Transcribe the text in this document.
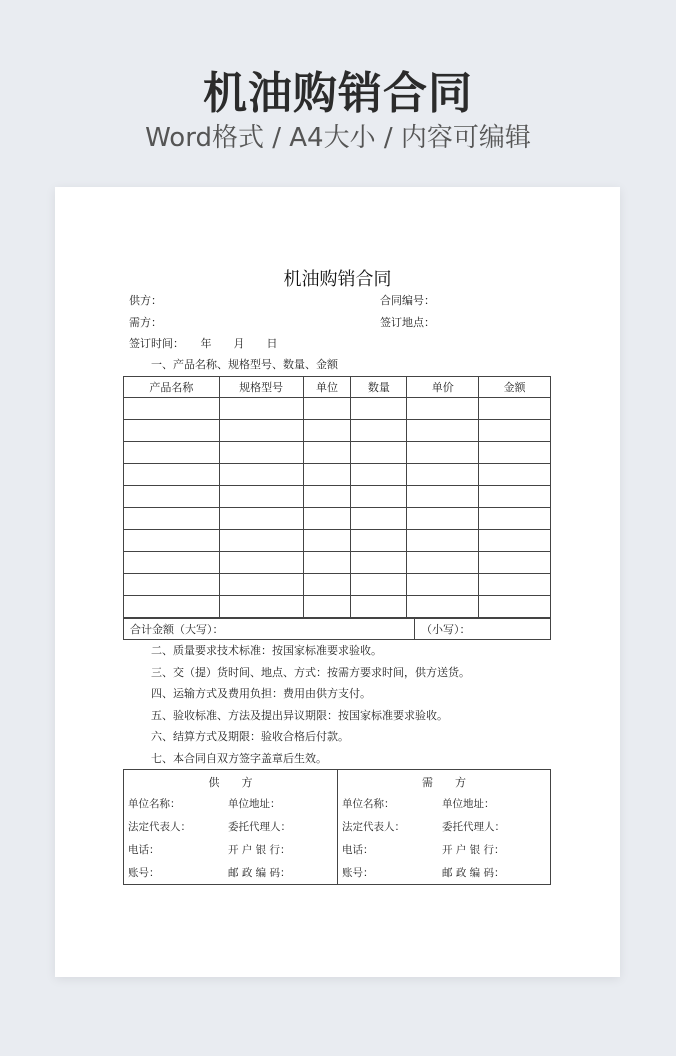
机油购销合同
Word格式 / A4大小 / 内容可编辑
机油购销合同
供方：	合同编号：
需方：	签订地点：
签订时间：　　年　　月　　日
一、产品名称、规格型号、数量、金额
产品名称	规格型号	单位	数量	单价	金额

合计金额（大写）：	（小写）：
二、质量要求技术标准：按国家标准要求验收。
三、交（提）货时间、地点、方式：按需方要求时间，供方送货。
四、运输方式及费用负担：费用由供方支付。
五、验收标准、方法及提出异议期限：按国家标准要求验收。
六、结算方式及期限：验收合格后付款。
七、本合同自双方签字盖章后生效。
供　　方
单位名称：	单位地址：
法定代表人：	委托代理人：
电话：	开 户 银 行：
账号：	邮 政 编 码：

需　　方
单位名称：	单位地址：
法定代表人：	委托代理人：
电话：	开 户 银 行：
账号：	邮 政 编 码：
